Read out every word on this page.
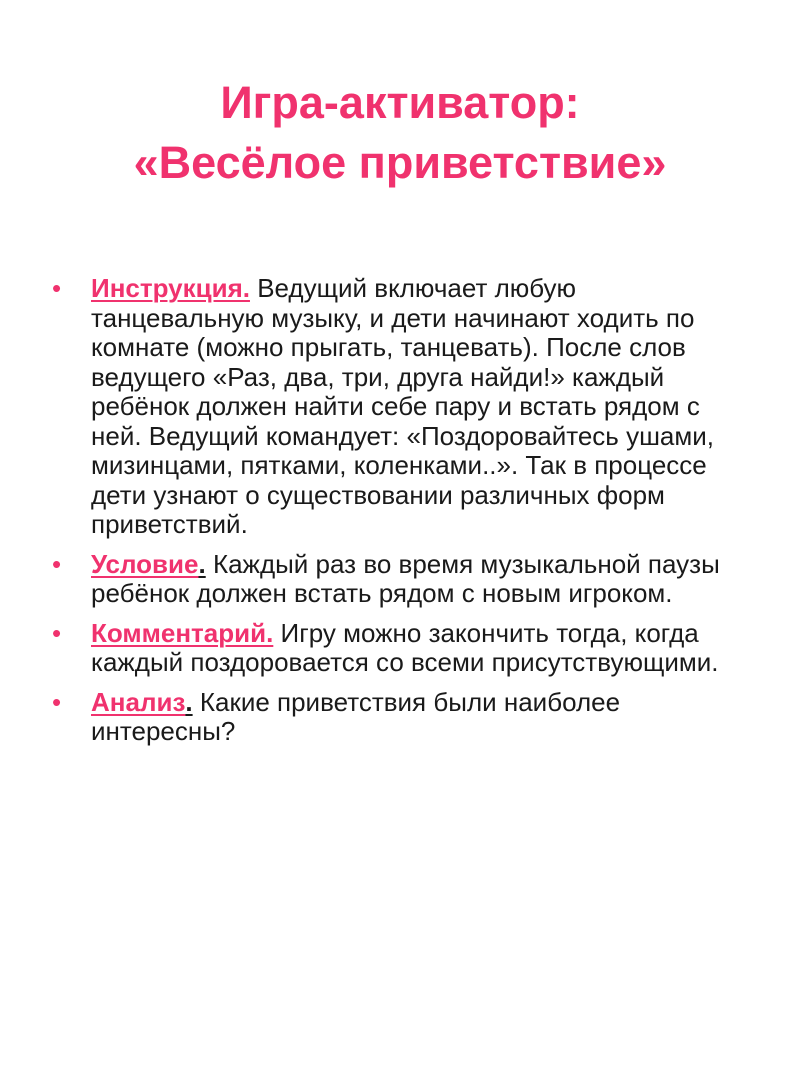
Игра-активатор:
«Весёлое приветствие»
• Инструкция. Ведущий включает любую танцевальную музыку, и дети начинают ходить по комнате (можно прыгать, танцевать). После слов ведущего «Раз, два, три, друга найди!» каждый ребёнок должен найти себе пару и встать рядом с ней. Ведущий командует: «Поздоровайтесь ушами, мизинцами, пятками, коленками..». Так в процессе дети узнают о существовании различных форм приветствий.
• Условие. Каждый раз во время музыкальной паузы ребёнок должен встать рядом с новым игроком.
• Комментарий. Игру можно закончить тогда, когда каждый поздоровается со всеми присутствующими.
• Анализ. Какие приветствия были наиболее интересны?
